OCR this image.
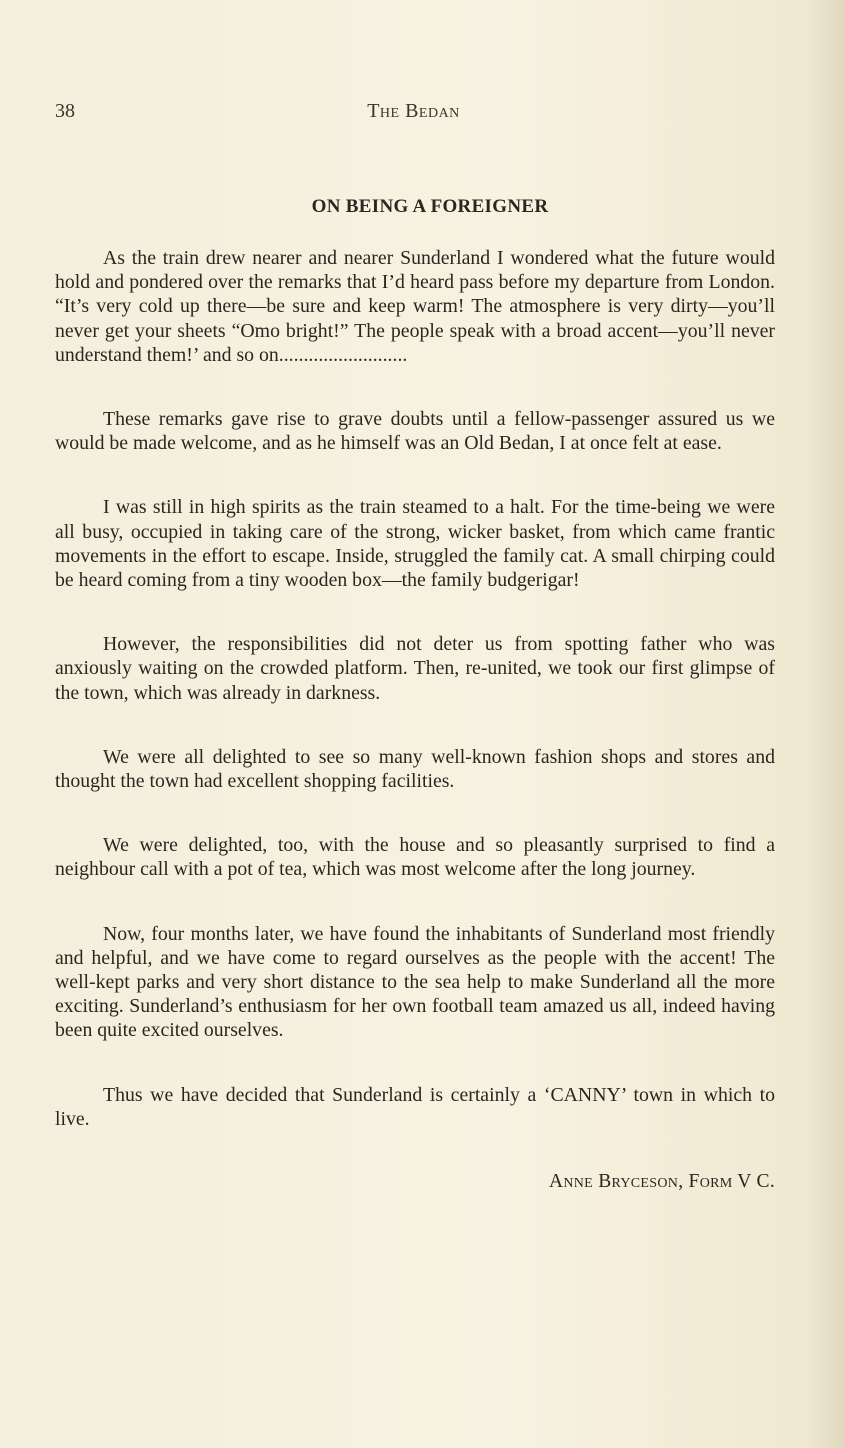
38	The Bedan
ON BEING A FOREIGNER

As the train drew nearer and nearer Sunderland I wondered what the future would hold and pondered over the remarks that I’d heard pass before my departure from London. “It’s very cold up there—be sure and keep warm! The atmosphere is very dirty—you’ll never get your sheets “Omo bright!” The people speak with a broad accent—you’ll never understand them!’ and so on..........................

These remarks gave rise to grave doubts until a fellow-passenger assured us we would be made welcome, and as he himself was an Old Bedan, I at once felt at ease.

I was still in high spirits as the train steamed to a halt. For the time-being we were all busy, occupied in taking care of the strong, wicker basket, from which came frantic movements in the effort to escape. Inside, struggled the family cat. A small chirping could be heard coming from a tiny wooden box—the family budgerigar!

However, the responsibilities did not deter us from spotting father who was anxiously waiting on the crowded platform. Then, re-united, we took our first glimpse of the town, which was already in darkness.

We were all delighted to see so many well-known fashion shops and stores and thought the town had excellent shopping facilities.

We were delighted, too, with the house and so pleasantly surprised to find a neighbour call with a pot of tea, which was most welcome after the long journey.

Now, four months later, we have found the inhabitants of Sunderland most friendly and helpful, and we have come to regard ourselves as the people with the accent! The well-kept parks and very short distance to the sea help to make Sunderland all the more exciting. Sunderland’s enthusiasm for her own football team amazed us all, indeed having been quite excited ourselves.

Thus we have decided that Sunderland is certainly a ‘CANNY’ town in which to live.

Anne Bryceson, Form V C.
